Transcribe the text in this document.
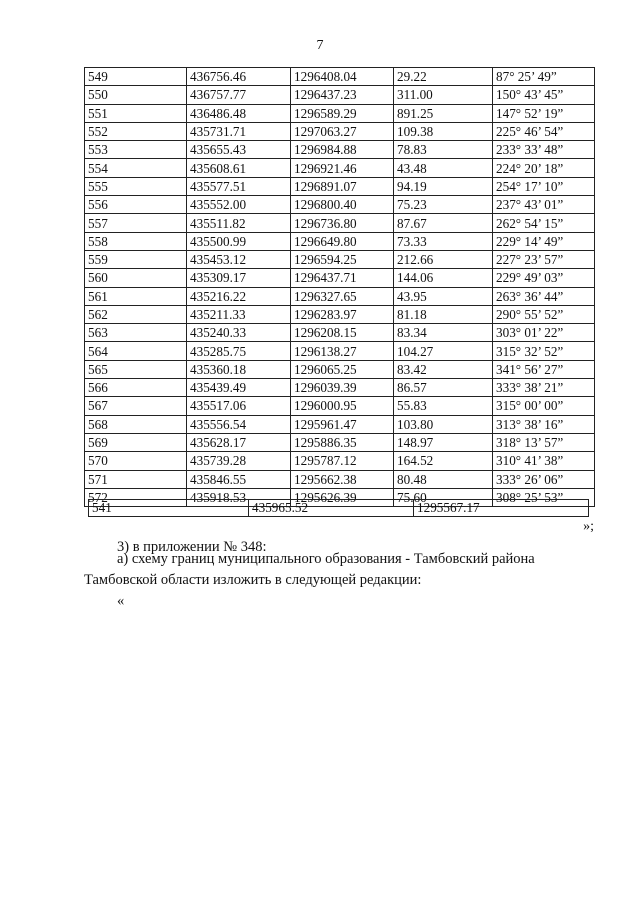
7
549	436756.46	1296408.04	29.22	87° 25’ 49”
550	436757.77	1296437.23	311.00	150° 43’ 45”
551	436486.48	1296589.29	891.25	147° 52’ 19”
552	435731.71	1297063.27	109.38	225° 46’ 54”
553	435655.43	1296984.88	78.83	233° 33’ 48”
554	435608.61	1296921.46	43.48	224° 20’ 18”
555	435577.51	1296891.07	94.19	254° 17’ 10”
556	435552.00	1296800.40	75.23	237° 43’ 01”
557	435511.82	1296736.80	87.67	262° 54’ 15”
558	435500.99	1296649.80	73.33	229° 14’ 49”
559	435453.12	1296594.25	212.66	227° 23’ 57”
560	435309.17	1296437.71	144.06	229° 49’ 03”
561	435216.22	1296327.65	43.95	263° 36’ 44”
562	435211.33	1296283.97	81.18	290° 55’ 52”
563	435240.33	1296208.15	83.34	303° 01’ 22”
564	435285.75	1296138.27	104.27	315° 32’ 52”
565	435360.18	1296065.25	83.42	341° 56’ 27”
566	435439.49	1296039.39	86.57	333° 38’ 21”
567	435517.06	1296000.95	55.83	315° 00’ 00”
568	435556.54	1295961.47	103.80	313° 38’ 16”
569	435628.17	1295886.35	148.97	318° 13’ 57”
570	435739.28	1295787.12	164.52	310° 41’ 38”
571	435846.55	1295662.38	80.48	333° 26’ 06”
572	435918.53	1295626.39	75.60	308° 25’ 53”
541	435965.52	1295567.17
»;
3) в приложении № 348:
а) схему границ муниципального образования - Тамбовский района
Тамбовской области изложить в следующей редакции:
«
